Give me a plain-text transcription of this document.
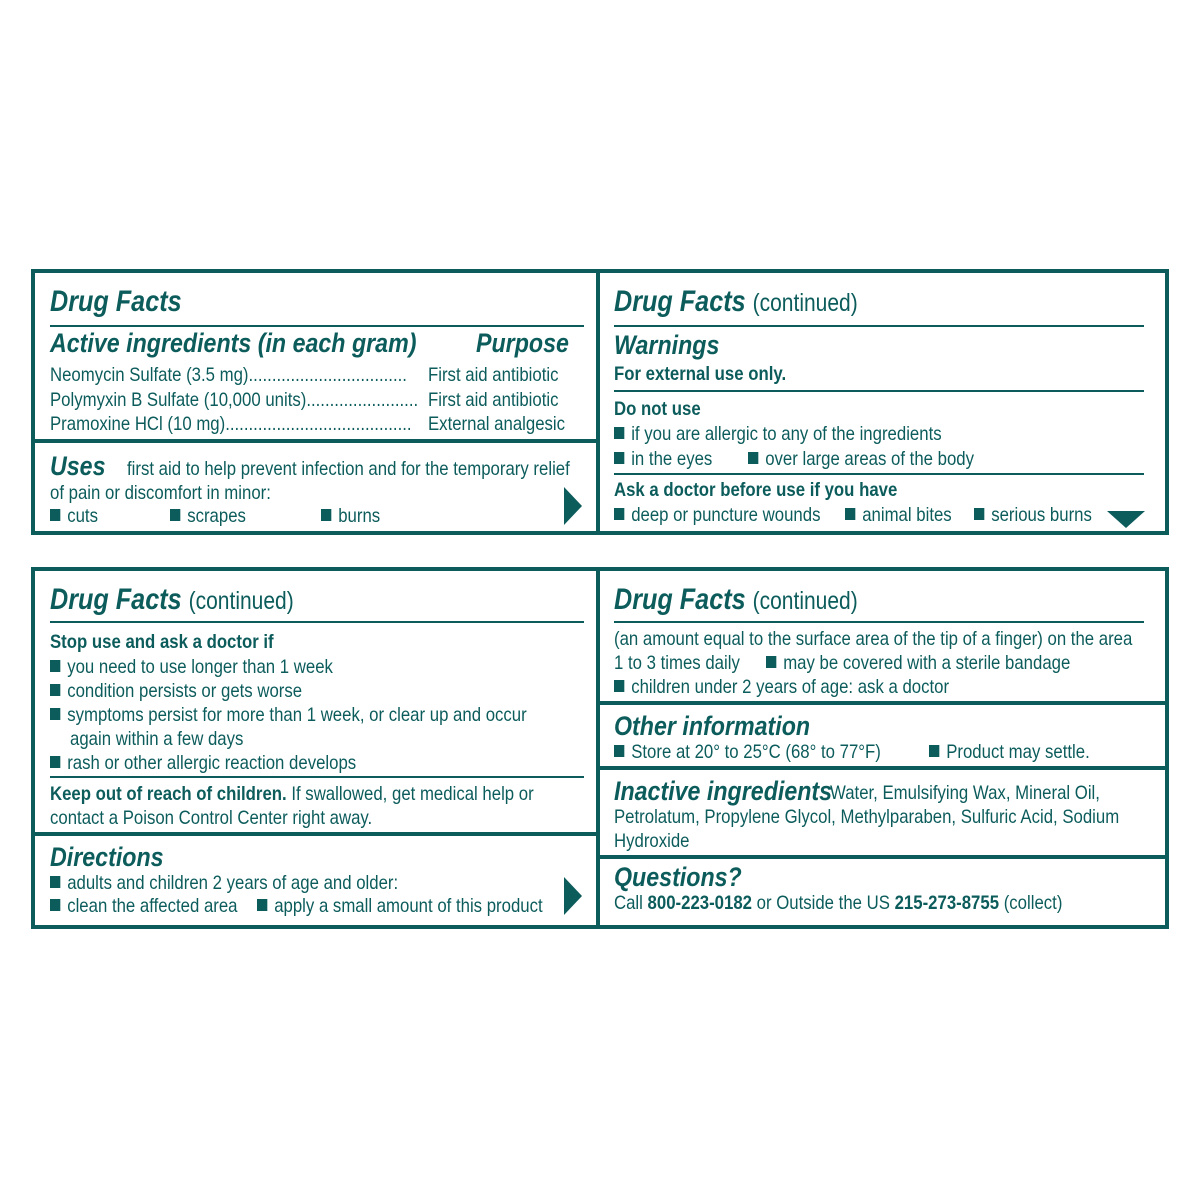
Drug Facts
Active ingredients (in each gram) Purpose
Neomycin Sulfate (3.5 mg).................................. First aid antibiotic
Polymyxin B Sulfate (10,000 units)........................ First aid antibiotic
Pramoxine HCl (10 mg)........................................ External analgesic
Uses first aid to help prevent infection and for the temporary relief
of pain or discomfort in minor:
cuts	scrapes	burns
Drug Facts (continued)
Warnings
For external use only.
Do not use
if you are allergic to any of the ingredients
in the eyes	over large areas of the body
Ask a doctor before use if you have
deep or puncture wounds	animal bites	serious burns
Drug Facts (continued)
Stop use and ask a doctor if
you need to use longer than 1 week
condition persists or gets worse
symptoms persist for more than 1 week, or clear up and occur
again within a few days
rash or other allergic reaction develops
Keep out of reach of children. If swallowed, get medical help or
contact a Poison Control Center right away.
Directions
adults and children 2 years of age and older:
clean the affected area	apply a small amount of this product
Drug Facts (continued)
(an amount equal to the surface area of the tip of a finger) on the area
1 to 3 times daily	may be covered with a sterile bandage
children under 2 years of age: ask a doctor
Other information
Store at 20° to 25°C (68° to 77°F)	Product may settle.
Inactive ingredients
Water, Emulsifying Wax, Mineral Oil,
Petrolatum, Propylene Glycol, Methylparaben, Sulfuric Acid, Sodium
Hydroxide
Questions?
Call 800-223-0182 or Outside the US 215-273-8755 (collect)
